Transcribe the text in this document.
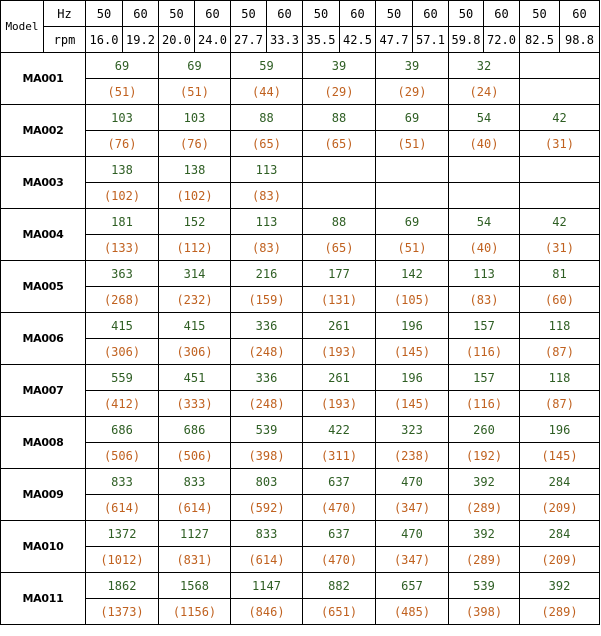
Model	Hz	50	60	50	60	50	60	50	60	50	60	50	60	50	60
	rpm	16.0	19.2	20.0	24.0	27.7	33.3	35.5	42.5	47.7	57.1	59.8	72.0	82.5	98.8
MA001		69		69		59		39		39		32			
		(51)		(51)		(44)		(29)		(29)		(24)			
MA002		103		103		88		88		69		54		42	
		(76)		(76)		(65)		(65)		(51)		(40)		(31)	
MA003		138		138		113									
		(102)		(102)		(83)									
MA004		181		152		113		88		69		54		42	
		(133)		(112)		(83)		(65)		(51)		(40)		(31)	
MA005		363		314		216		177		142		113		81	
		(268)		(232)		(159)		(131)		(105)		(83)		(60)	
MA006		415		415		336		261		196		157		118	
		(306)		(306)		(248)		(193)		(145)		(116)		(87)	
MA007		559		451		336		261		196		157		118	
		(412)		(333)		(248)		(193)		(145)		(116)		(87)	
MA008		686		686		539		422		323		260		196	
		(506)		(506)		(398)		(311)		(238)		(192)		(145)	
MA009		833		833		803		637		470		392		284	
		(614)		(614)		(592)		(470)		(347)		(289)		(209)	
MA010		1372		1127		833		637		470		392		284	
		(1012)		(831)		(614)		(470)		(347)		(289)		(209)	
MA011		1862		1568		1147		882		657		539		392	
		(1373)		(1156)		(846)		(651)		(485)		(398)		(289)	
